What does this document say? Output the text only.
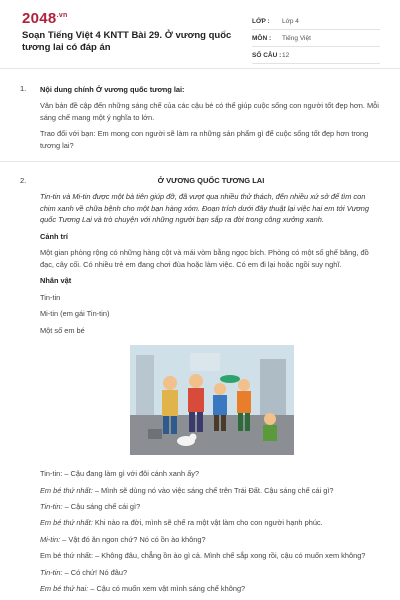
$2048^{.vn}$
Soạn Tiếng Việt 4 KNTT Bài 29. Ở vương quốc tương lai có đáp án
LỚP :	Lớp 4
MÔN :	Tiếng Việt
SỐ CÂU : 12
1. Nội dung chính Ở vương quốc tương lai:
Văn bản đề cập đến những sáng chế của các cậu bé có thể giúp cuộc sống con người tốt đẹp hơn. Mỗi sáng chế mang một ý nghĩa to lớn.
Trao đổi với bạn: Em mong con người sẽ làm ra những sản phẩm gì để cuộc sống tốt đẹp hơn trong tương lai?
2.	Ở VƯƠNG QUỐC TƯƠNG LAI
Tin-tin và Mi-tin được một bà tiên giúp đỡ, đã vượt qua nhiều thử thách, đến nhiều xứ sở để tìm con chim xanh về chữa bệnh cho một bạn hàng xóm. Đoạn trích dưới đây thuật lại việc hai em tới Vương quốc Tương Lai và trò chuyện với những người bạn sắp ra đời trong công xưởng xanh.
Cảnh trí
Một gian phòng rộng có những hàng cột và mái vòm bằng ngọc bích. Phòng có một số ghế băng, đồ đạc, cây cối. Có nhiều trẻ em đang chơi đùa hoặc làm việc. Có em đi lại hoặc ngồi suy nghĩ.
Nhân vật
Tin-tin
Mi-tin (em gái Tin-tin)
Một số em bé
Tin-tin: – Cậu đang làm gì với đôi cánh xanh ấy?
Em bé thứ nhất: – Mình sẽ dùng nó vào việc sáng chế trên Trái Đất. Cậu sáng chế cái gì?
Tin-tin: – Cậu sáng chế cái gì?
Em bé thứ nhất: Khi nào ra đời, mình sẽ chế ra một vật làm cho con người hạnh phúc.
Mi-tin: – Vật đó ăn ngon chứ? Nó có ồn ào không?
Em bé thứ nhất: – Không đâu, chẳng ồn ào gì cả. Mình chế sắp xong rồi, cậu có muốn xem không?
Tin-tin: – Có chứ! Nó đâu?
Em bé thứ hai: – Cậu có muốn xem vật mình sáng chế không?
